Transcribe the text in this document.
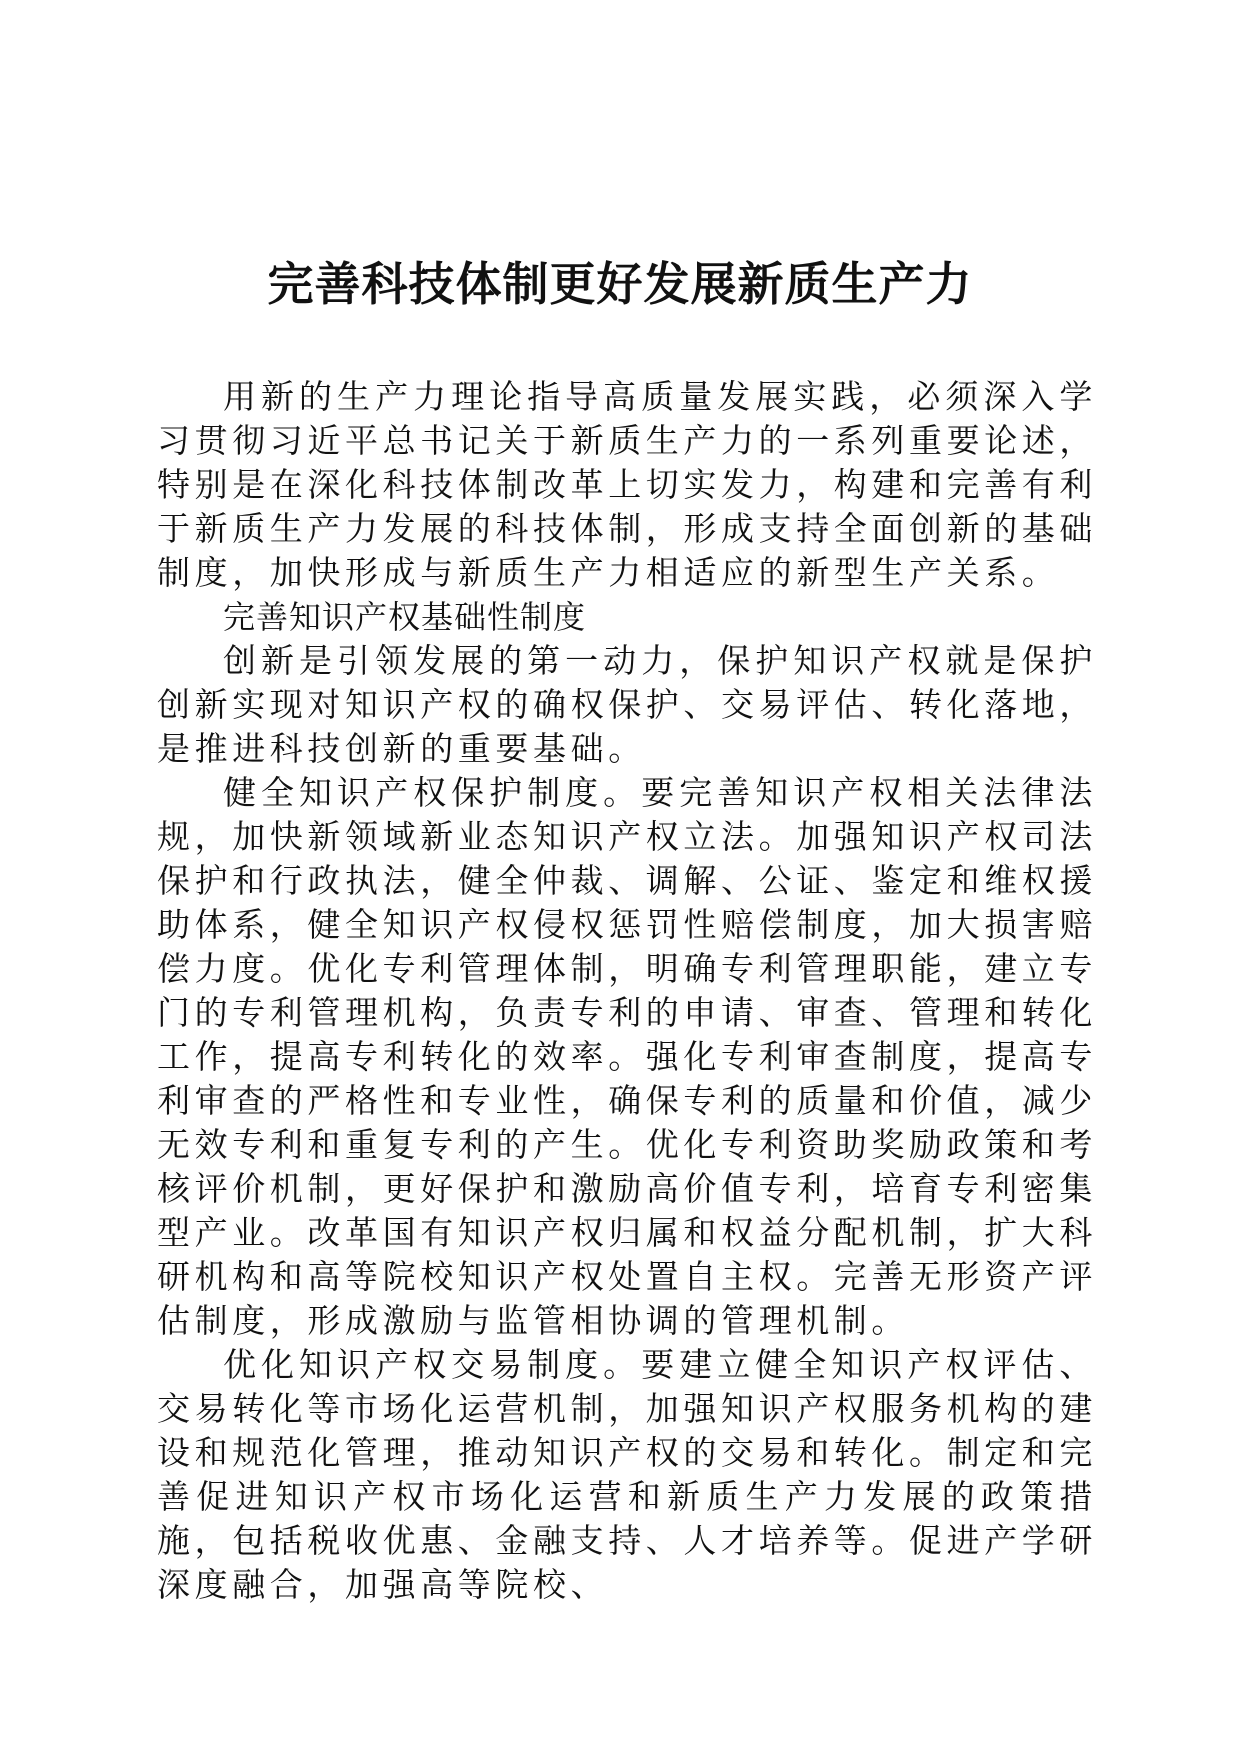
完善科技体制更好发展新质生产力

用新的生产力理论指导高质量发展实践，必须深入学习贯彻习近平总书记关于新质生产力的一系列重要论述，特别是在深化科技体制改革上切实发力，构建和完善有利于新质生产力发展的科技体制，形成支持全面创新的基础制度，加快形成与新质生产力相适应的新型生产关系。

完善知识产权基础性制度

创新是引领发展的第一动力，保护知识产权就是保护创新实现对知识产权的确权保护、交易评估、转化落地，是推进科技创新的重要基础。

健全知识产权保护制度。要完善知识产权相关法律法规，加快新领域新业态知识产权立法。加强知识产权司法保护和行政执法，健全仲裁、调解、公证、鉴定和维权援助体系，健全知识产权侵权惩罚性赔偿制度，加大损害赔偿力度。优化专利管理体制，明确专利管理职能，建立专门的专利管理机构，负责专利的申请、审查、管理和转化工作，提高专利转化的效率。强化专利审查制度，提高专利审查的严格性和专业性，确保专利的质量和价值，减少无效专利和重复专利的产生。优化专利资助奖励政策和考核评价机制，更好保护和激励高价值专利，培育专利密集型产业。改革国有知识产权归属和权益分配机制，扩大科研机构和高等院校知识产权处置自主权。完善无形资产评估制度，形成激励与监管相协调的管理机制。

优化知识产权交易制度。要建立健全知识产权评估、交易转化等市场化运营机制，加强知识产权服务机构的建设和规范化管理，推动知识产权的交易和转化。制定和完善促进知识产权市场化运营和新质生产力发展的政策措施，包括税收优惠、金融支持、人才培养等。促进产学研深度融合，加强高等院校、
